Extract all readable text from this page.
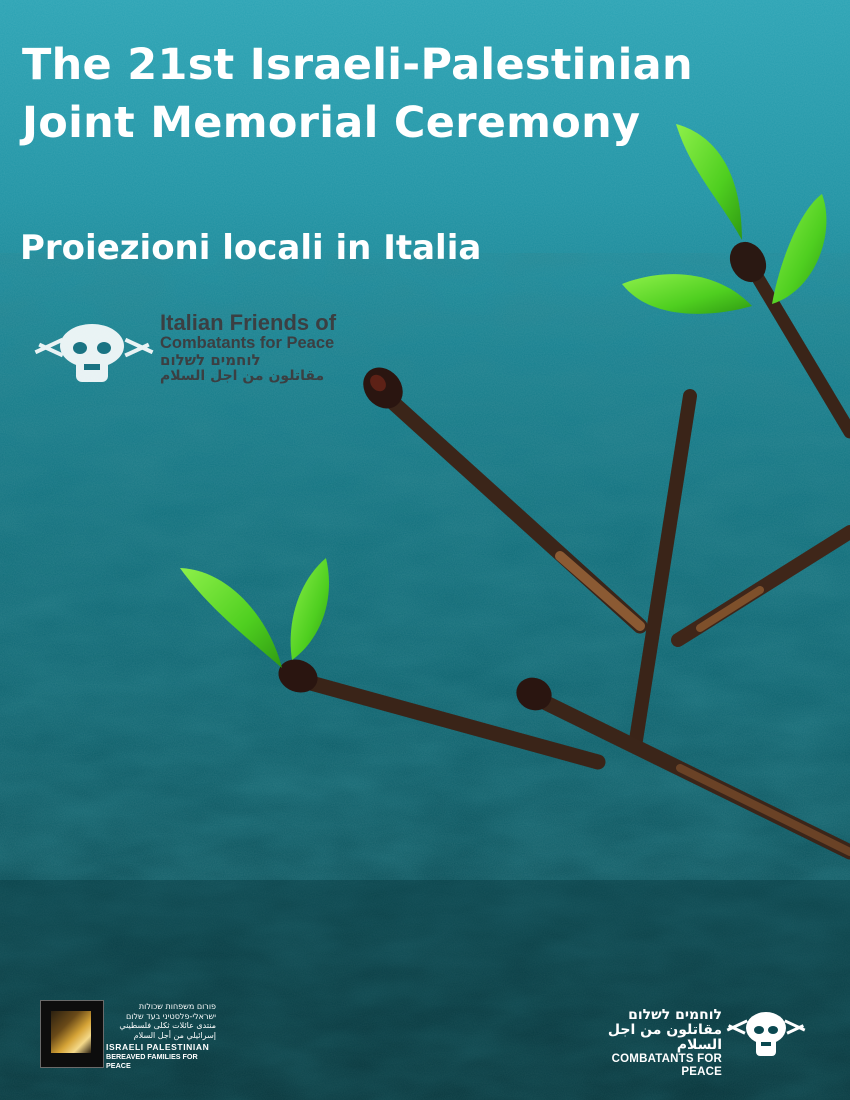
The 21st Israeli-Palestinian
Joint Memorial Ceremony
Proiezioni locali in Italia
Italian Friends of
Combatants for Peace
לוחמים לשלום
مقاتلون من اجل السلام
פורום משפחות שכולות
ישראלי-פלסטיני בעד שלום
منتدى عائلات ثكلى فلسطيني
إسرائيلي من أجل السلام
ISRAELI PALESTINIAN
BEREAVED FAMILIES FOR PEACE
לוחמים לשלום
مقاتلون من اجل السلام
COMBATANTS FOR PEACE
